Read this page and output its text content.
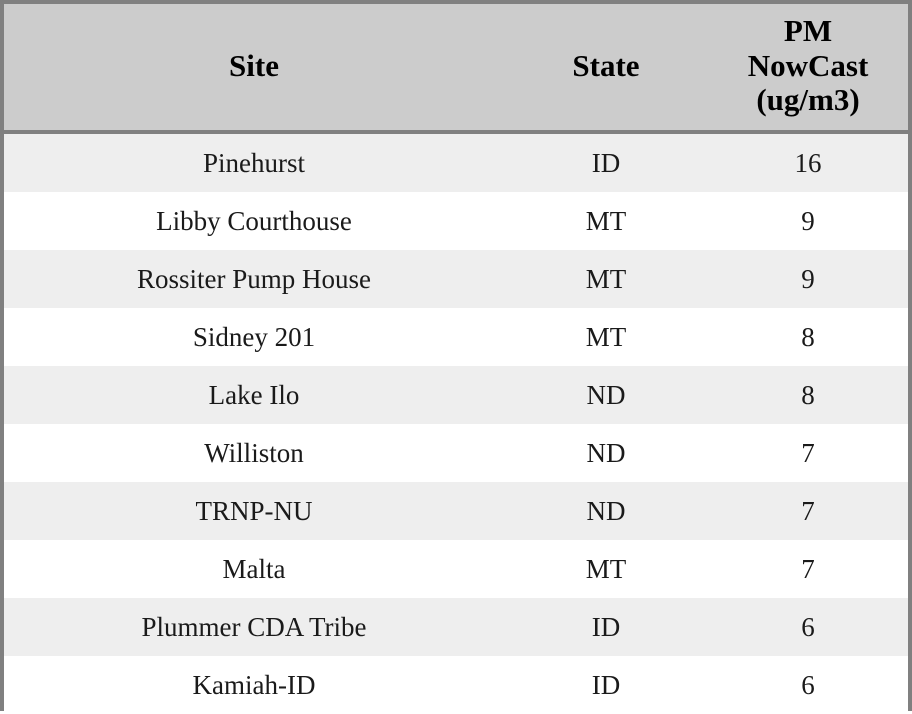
Site	State	PM
NowCast
(ug/m3)

Pinehurst	ID	16
Libby Courthouse	MT	9
Rossiter Pump House	MT	9
Sidney 201	MT	8
Lake Ilo	ND	8
Williston	ND	7
TRNP-NU	ND	7
Malta	MT	7
Plummer CDA Tribe	ID	6
Kamiah-ID	ID	6
